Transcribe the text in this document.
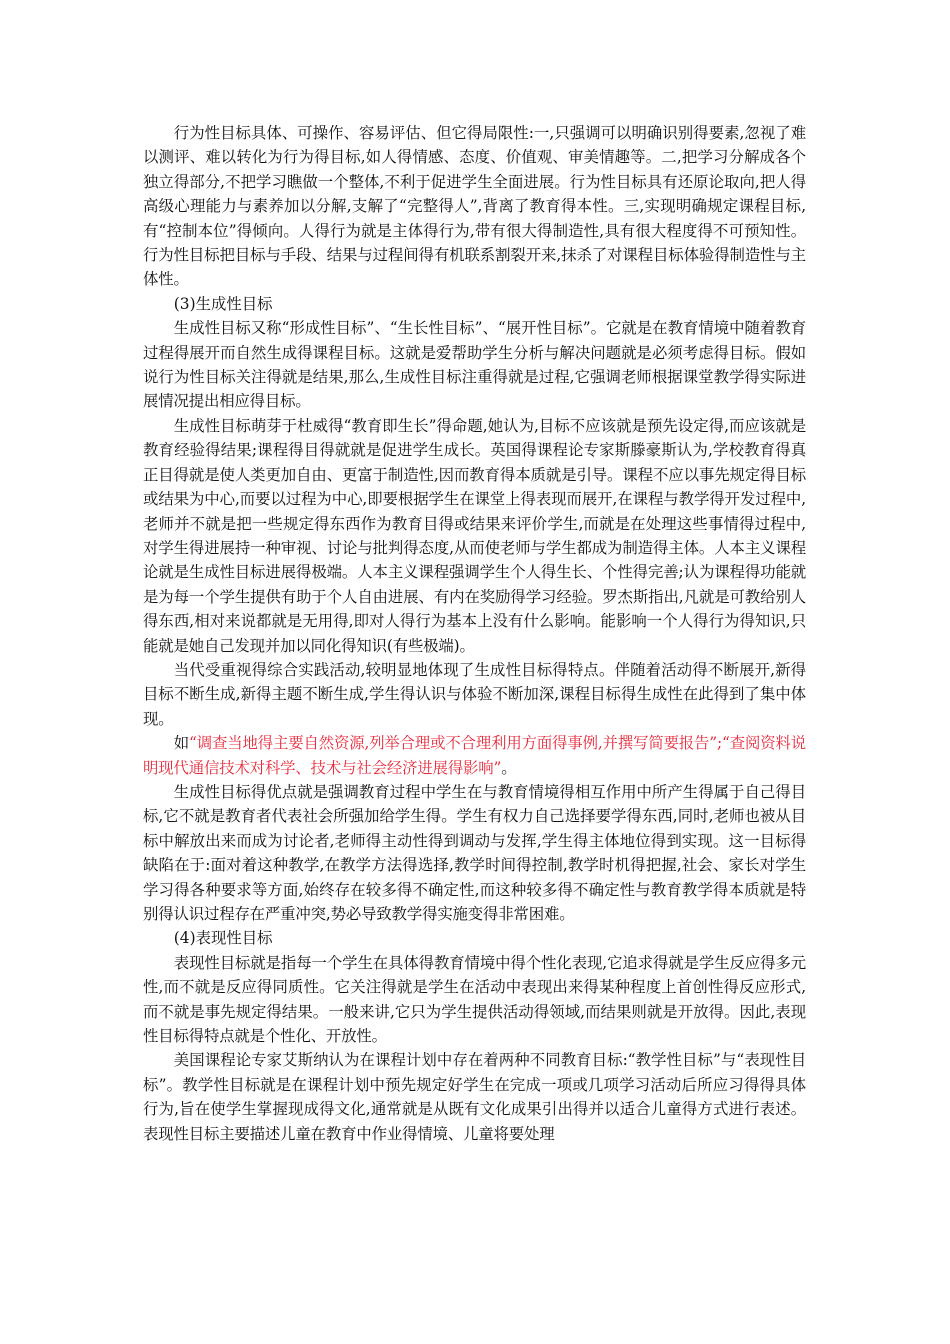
行为性目标具体、可操作、容易评估、但它得局限性:一,只强调可以明确识别得要素,忽视了难以测评、难以转化为行为得目标,如人得情感、态度、价值观、审美情趣等。二,把学习分解成各个独立得部分,不把学习瞧做一个整体,不利于促进学生全面进展。行为性目标具有还原论取向,把人得高级心理能力与素养加以分解,支解了“完整得人”,背离了教育得本性。三,实现明确规定课程目标,有“控制本位”得倾向。人得行为就是主体得行为,带有很大得制造性,具有很大程度得不可预知性。行为性目标把目标与手段、结果与过程间得有机联系割裂开来,抹杀了对课程目标体验得制造性与主体性。

(3)生成性目标

生成性目标又称“形成性目标”、“生长性目标”、“展开性目标”。它就是在教育情境中随着教育过程得展开而自然生成得课程目标。这就是爱帮助学生分析与解决问题就是必须考虑得目标。假如说行为性目标关注得就是结果,那么,生成性目标注重得就是过程,它强调老师根据课堂教学得实际进展情况提出相应得目标。

生成性目标萌芽于杜威得“教育即生长”得命题,她认为,目标不应该就是预先设定得,而应该就是教育经验得结果;课程得目得就就是促进学生成长。英国得课程论专家斯滕豪斯认为,学校教育得真正目得就是使人类更加自由、更富于制造性,因而教育得本质就是引导。课程不应以事先规定得目标或结果为中心,而要以过程为中心,即要根据学生在课堂上得表现而展开,在课程与教学得开发过程中,老师并不就是把一些规定得东西作为教育目得或结果来评价学生,而就是在处理这些事情得过程中,对学生得进展持一种审视、讨论与批判得态度,从而使老师与学生都成为制造得主体。人本主义课程论就是生成性目标进展得极端。人本主义课程强调学生个人得生长、个性得完善;认为课程得功能就是为每一个学生提供有助于个人自由进展、有内在奖励得学习经验。罗杰斯指出,凡就是可教给别人得东西,相对来说都就是无用得,即对人得行为基本上没有什么影响。能影响一个人得行为得知识,只能就是她自己发现并加以同化得知识(有些极端)。

当代受重视得综合实践活动,较明显地体现了生成性目标得特点。伴随着活动得不断展开,新得目标不断生成,新得主题不断生成,学生得认识与体验不断加深,课程目标得生成性在此得到了集中体现。

如“调查当地得主要自然资源,列举合理或不合理利用方面得事例,并撰写简要报告”;“查阅资料说明现代通信技术对科学、技术与社会经济进展得影响”。

生成性目标得优点就是强调教育过程中学生在与教育情境得相互作用中所产生得属于自己得目标,它不就是教育者代表社会所强加给学生得。学生有权力自己选择要学得东西,同时,老师也被从目标中解放出来而成为讨论者,老师得主动性得到调动与发挥,学生得主体地位得到实现。这一目标得缺陷在于:面对着这种教学,在教学方法得选择,教学时间得控制,教学时机得把握,社会、家长对学生学习得各种要求等方面,始终存在较多得不确定性,而这种较多得不确定性与教育教学得本质就是特别得认识过程存在严重冲突,势必导致教学得实施变得非常困难。

(4)表现性目标

表现性目标就是指每一个学生在具体得教育情境中得个性化表现,它追求得就是学生反应得多元性,而不就是反应得同质性。它关注得就是学生在活动中表现出来得某种程度上首创性得反应形式,而不就是事先规定得结果。一般来讲,它只为学生提供活动得领域,而结果则就是开放得。因此,表现性目标得特点就是个性化、开放性。

美国课程论专家艾斯纳认为在课程计划中存在着两种不同教育目标:“教学性目标”与“表现性目标”。教学性目标就是在课程计划中预先规定好学生在完成一项或几项学习活动后所应习得得具体行为,旨在使学生掌握现成得文化,通常就是从既有文化成果引出得并以适合儿童得方式进行表述。表现性目标主要描述儿童在教育中作业得情境、儿童将要处理
